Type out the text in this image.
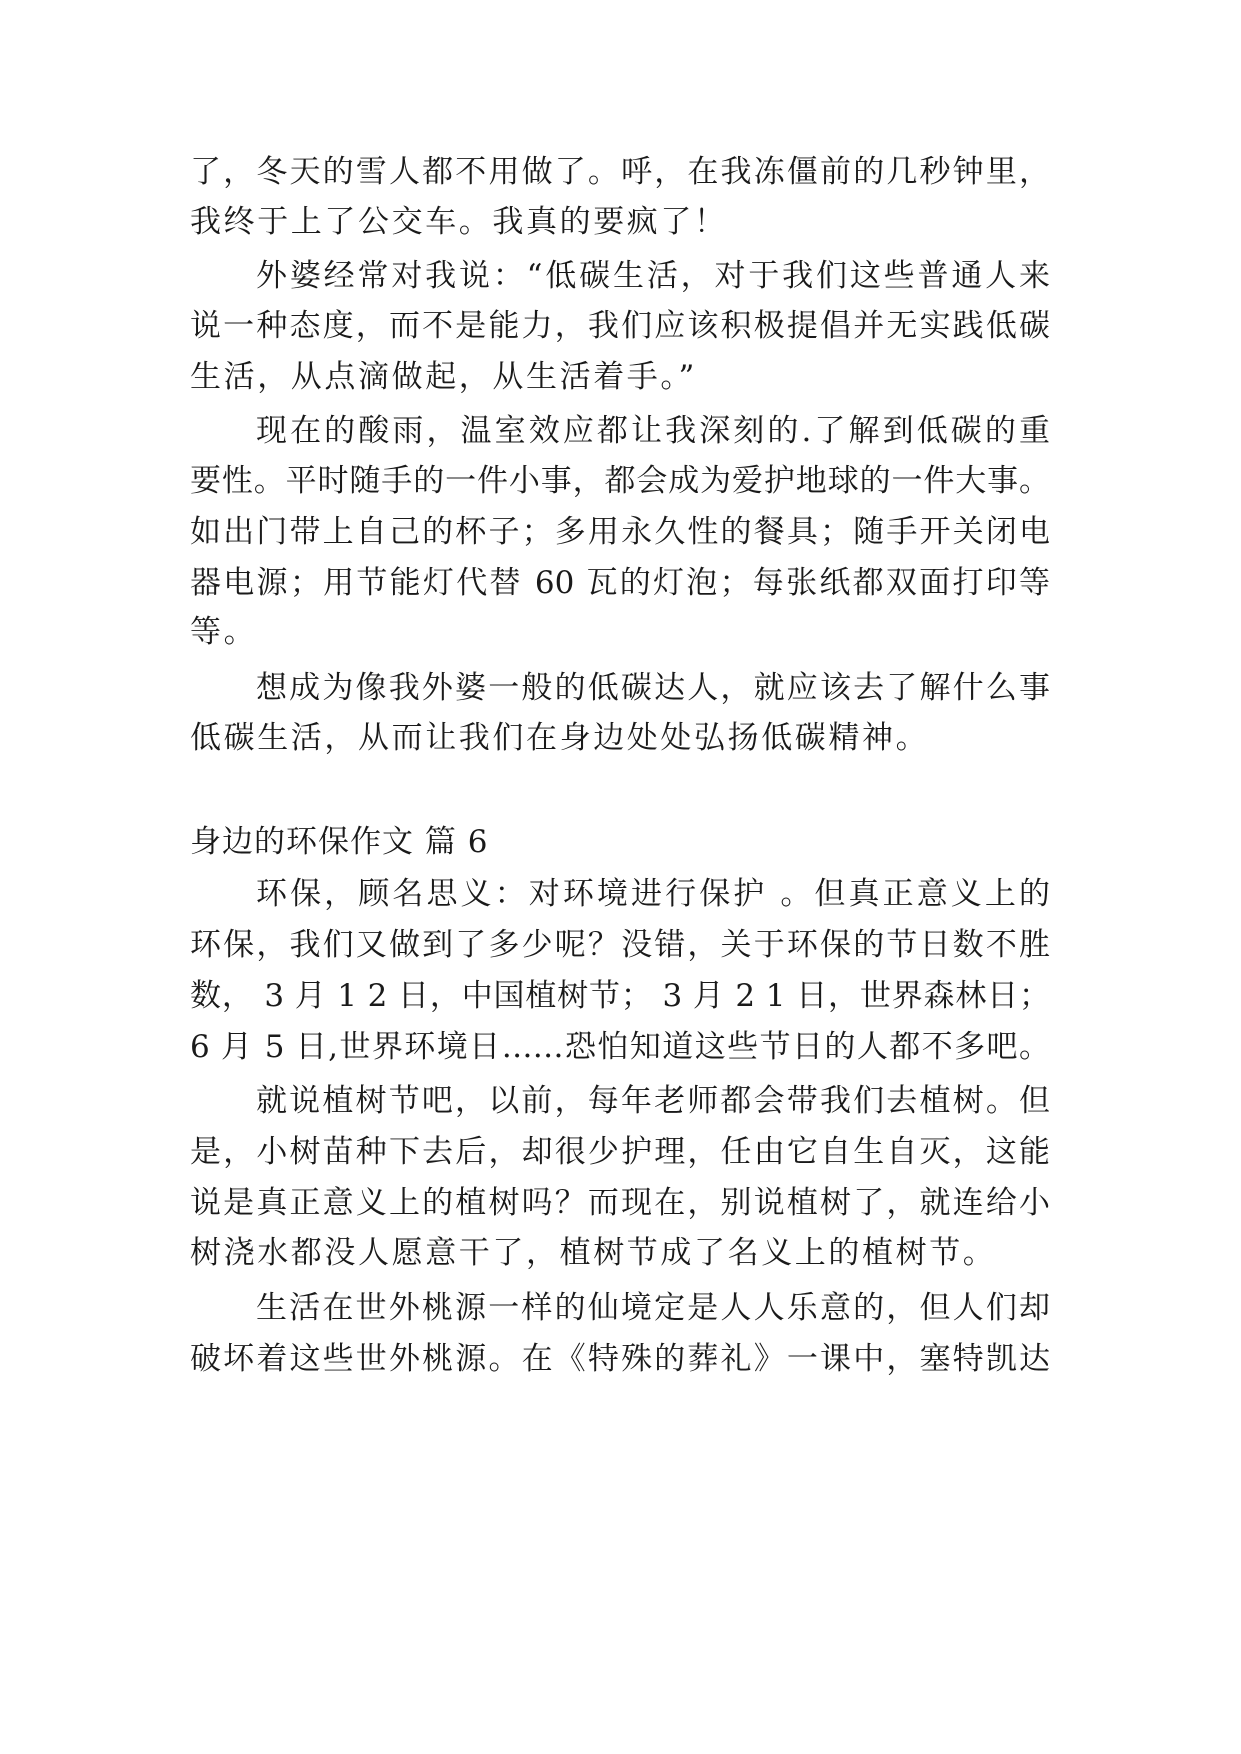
了，冬天的雪人都不用做了。呼，在我冻僵前的几秒钟里，

我终于上了公交车。我真的要疯了！

外婆经常对我说：“低碳生活，对于我们这些普通人来

说一种态度，而不是能力，我们应该积极提倡并无实践低碳

生活，从点滴做起，从生活着手。”

现在的酸雨，温室效应都让我深刻的.了解到低碳的重

要性。平时随手的一件小事，都会成为爱护地球的一件大事。

如出门带上自己的杯子；多用永久性的餐具；随手开关闭电

器电源；用节能灯代替 60 瓦的灯泡；每张纸都双面打印等

等。

想成为像我外婆一般的低碳达人，就应该去了解什么事

低碳生活，从而让我们在身边处处弘扬低碳精神。

身边的环保作文 篇 6

环保，顾名思义：对环境进行保护 。但真正意义上的

环保，我们又做到了多少呢？没错，关于环保的节日数不胜

数， 3 月 1 2 日，中国植树节； 3 月 2 1 日，世界森林日；

6 月 5 日,世界环境日……恐怕知道这些节日的人都不多吧。

就说植树节吧，以前，每年老师都会带我们去植树。但

是，小树苗种下去后，却很少护理，任由它自生自灭，这能

说是真正意义上的植树吗？而现在，别说植树了，就连给小

树浇水都没人愿意干了，植树节成了名义上的植树节。

生活在世外桃源一样的仙境定是人人乐意的，但人们却

破坏着这些世外桃源。在《特殊的葬礼》一课中，塞特凯达
